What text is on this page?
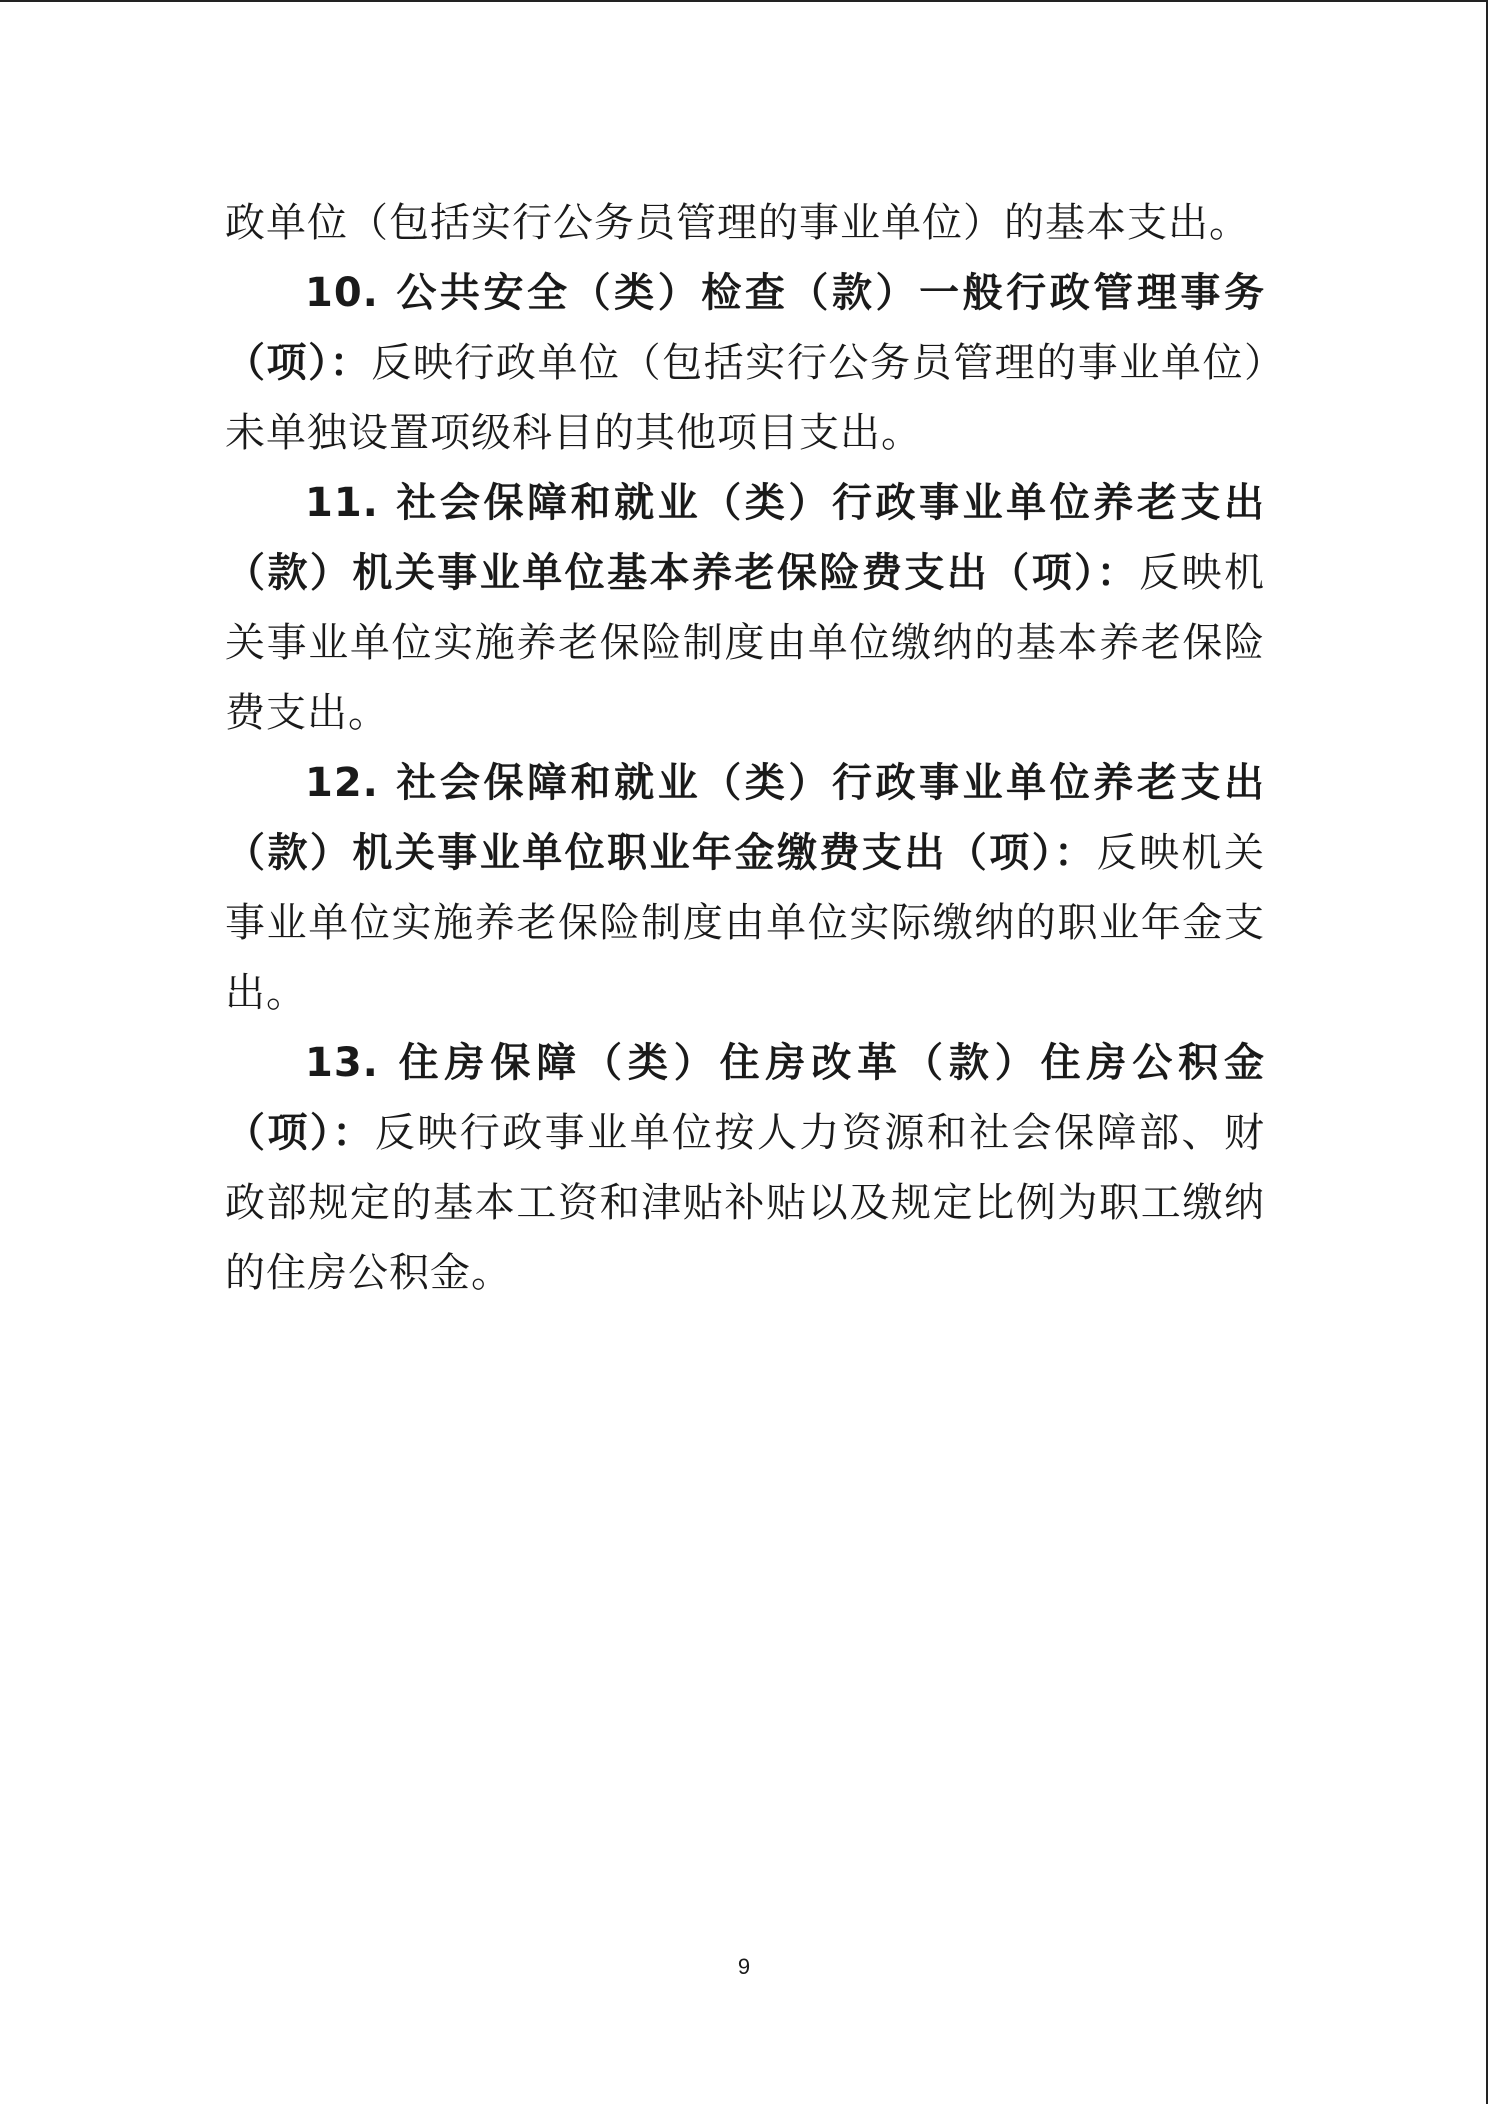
政单位（包括实行公务员管理的事业单位）的基本支出。

10. 公共安全（类）检查（款）一般行政管理事务（项）：反映行政单位（包括实行公务员管理的事业单位）未单独设置项级科目的其他项目支出。

11. 社会保障和就业（类）行政事业单位养老支出（款）机关事业单位基本养老保险费支出（项）：反映机关事业单位实施养老保险制度由单位缴纳的基本养老保险费支出。

12. 社会保障和就业（类）行政事业单位养老支出（款）机关事业单位职业年金缴费支出（项）：反映机关事业单位实施养老保险制度由单位实际缴纳的职业年金支出。

13. 住房保障（类）住房改革（款）住房公积金（项）：反映行政事业单位按人力资源和社会保障部、财政部规定的基本工资和津贴补贴以及规定比例为职工缴纳的住房公积金。

9
